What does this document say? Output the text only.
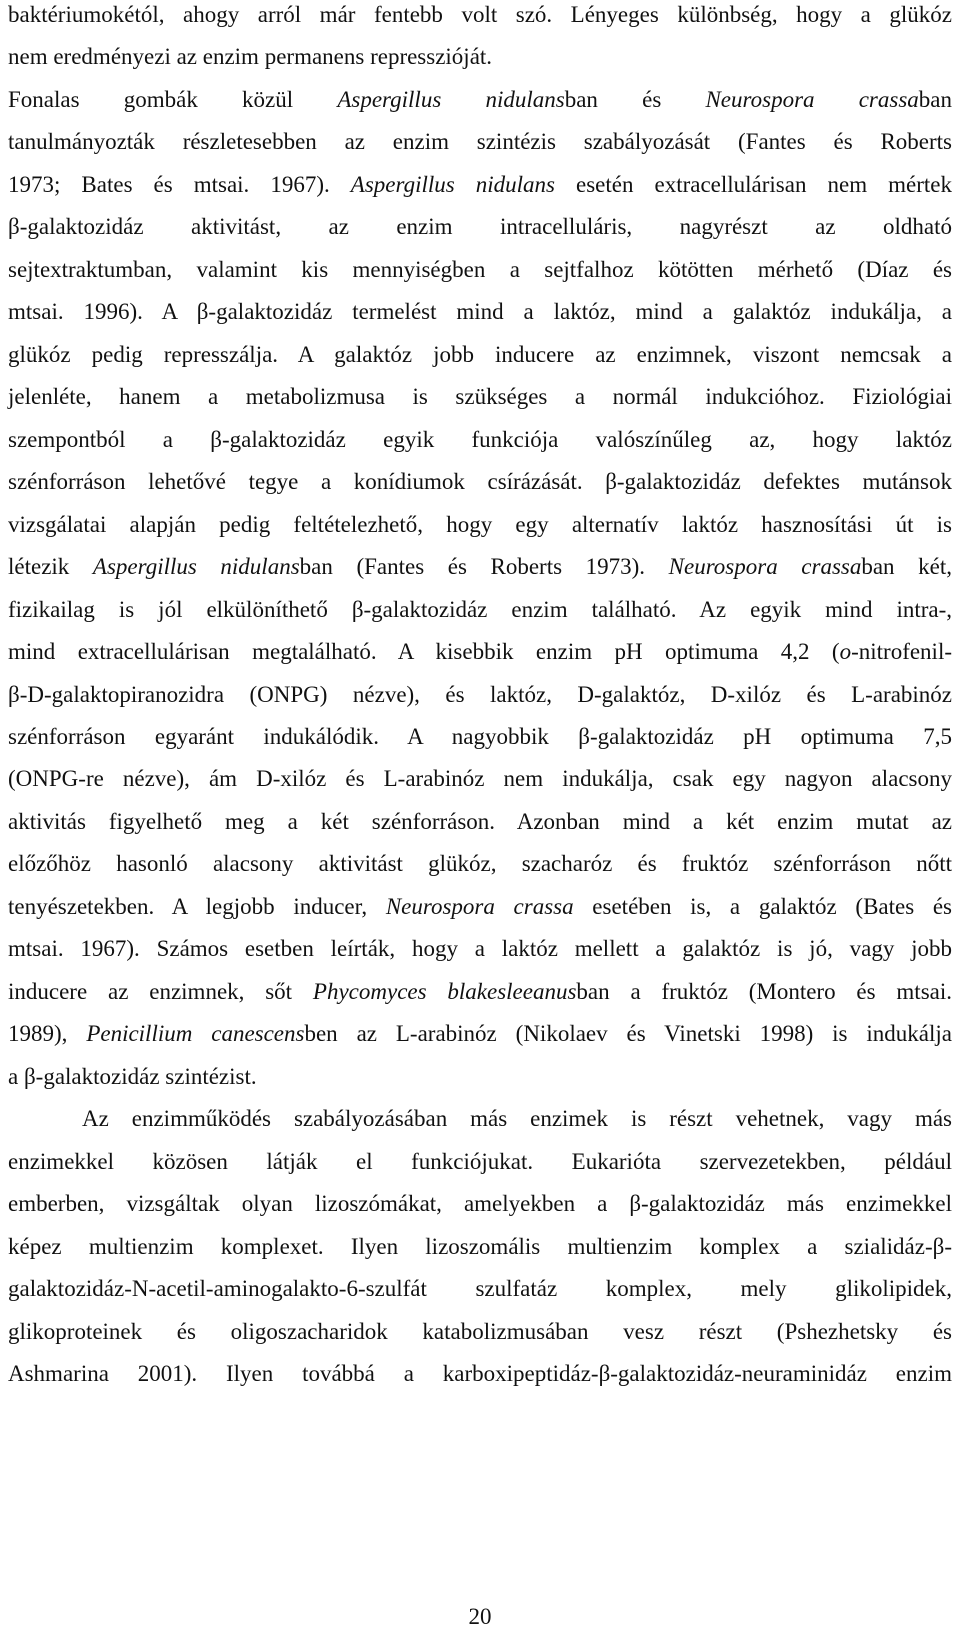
baktériumokétól, ahogy arról már fentebb volt szó. Lényeges különbség, hogy a glükóz
nem eredményezi az enzim permanens represszióját.
Fonalas gombák közül Aspergillus nidulansban és Neurospora crassaban
tanulmányozták részletesebben az enzim szintézis szabályozását (Fantes és Roberts
1973; Bates és mtsai. 1967). Aspergillus nidulans esetén extracellulárisan nem mértek
β-galaktozidáz aktivitást, az enzim intracelluláris, nagyrészt az oldható
sejtextraktumban, valamint kis mennyiségben a sejtfalhoz kötötten mérhető (Díaz és
mtsai. 1996). A β-galaktozidáz termelést mind a laktóz, mind a galaktóz indukálja, a
glükóz pedig represszálja. A galaktóz jobb inducere az enzimnek, viszont nemcsak a
jelenléte, hanem a metabolizmusa is szükséges a normál indukcióhoz. Fiziológiai
szempontból a β-galaktozidáz egyik funkciója valószínűleg az, hogy laktóz
szénforráson lehetővé tegye a konídiumok csírázását. β-galaktozidáz defektes mutánsok
vizsgálatai alapján pedig feltételezhető, hogy egy alternatív laktóz hasznosítási út is
létezik Aspergillus nidulansban (Fantes és Roberts 1973). Neurospora crassaban két,
fizikailag is jól elkülöníthető β-galaktozidáz enzim található. Az egyik mind intra-,
mind extracellulárisan megtalálható. A kisebbik enzim pH optimuma 4,2 (o-nitrofenil-
β-D-galaktopiranozidra (ONPG) nézve), és laktóz, D-galaktóz, D-xilóz és L-arabinóz
szénforráson egyaránt indukálódik. A nagyobbik β-galaktozidáz pH optimuma 7,5
(ONPG-re nézve), ám D-xilóz és L-arabinóz nem indukálja, csak egy nagyon alacsony
aktivitás figyelhető meg a két szénforráson. Azonban mind a két enzim mutat az
előzőhöz hasonló alacsony aktivitást glükóz, szacharóz és fruktóz szénforráson nőtt
tenyészetekben. A legjobb inducer, Neurospora crassa esetében is, a galaktóz (Bates és
mtsai. 1967). Számos esetben leírták, hogy a laktóz mellett a galaktóz is jó, vagy jobb
inducere az enzimnek, sőt Phycomyces blakesleeanusban a fruktóz (Montero és mtsai.
1989), Penicillium canescensben az L-arabinóz (Nikolaev és Vinetski 1998) is indukálja
a β-galaktozidáz szintézist.
Az enzimműködés szabályozásában más enzimek is részt vehetnek, vagy más
enzimekkel közösen látják el funkciójukat. Eukarióta szervezetekben, például
emberben, vizsgáltak olyan lizoszómákat, amelyekben a β-galaktozidáz más enzimekkel
képez multienzim komplexet. Ilyen lizoszomális multienzim komplex a szialidáz-β-
galaktozidáz-N-acetil-aminogalakto-6-szulfát szulfatáz komplex, mely glikolipidek,
glikoproteinek és oligoszacharidok katabolizmusában vesz részt (Pshezhetsky és
Ashmarina 2001). Ilyen továbbá a karboxipeptidáz-β-galaktozidáz-neuraminidáz enzim
20
